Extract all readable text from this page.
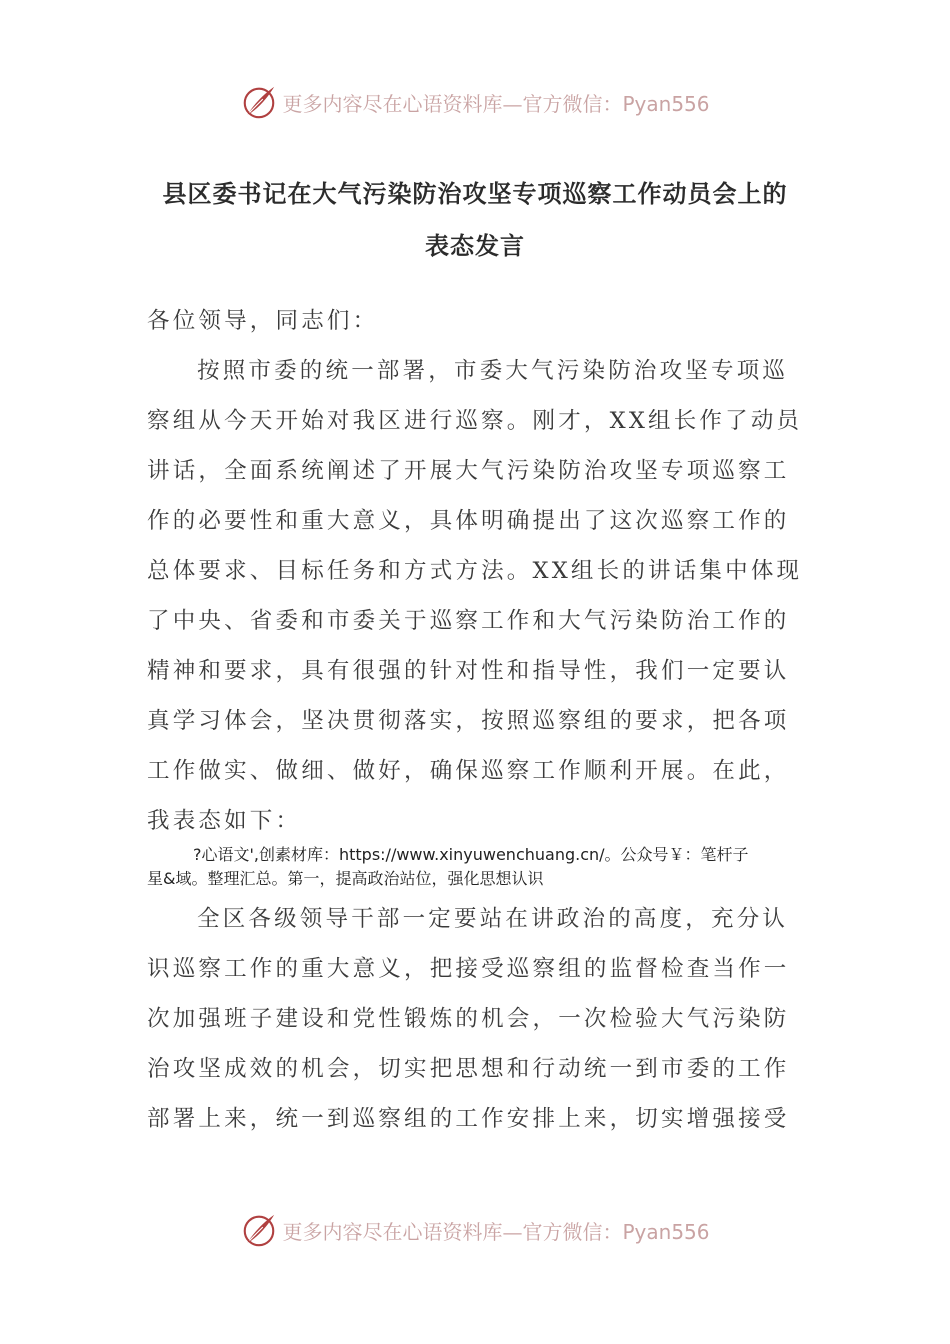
更多内容尽在心语资料库—官方微信：Pyan556
县区委书记在大气污染防治攻坚专项巡察工作动员会上的
表态发言
各位领导，同志们：
按照市委的统一部署，市委大气污染防治攻坚专项巡
察组从今天开始对我区进行巡察。刚才，XX组长作了动员
讲话，全面系统阐述了开展大气污染防治攻坚专项巡察工
作的必要性和重大意义，具体明确提出了这次巡察工作的
总体要求、目标任务和方式方法。XX组长的讲话集中体现
了中央、省委和市委关于巡察工作和大气污染防治工作的
精神和要求，具有很强的针对性和指导性，我们一定要认
真学习体会，坚决贯彻落实，按照巡察组的要求，把各项
工作做实、做细、做好，确保巡察工作顺利开展。在此，
我表态如下：
?心语文',创素材库：https://www.xinyuwenchuang.cn/。公众号￥：笔杆子
星&域。整理汇总。第一，提高政治站位，强化思想认识
全区各级领导干部一定要站在讲政治的高度，充分认
识巡察工作的重大意义，把接受巡察组的监督检查当作一
次加强班子建设和党性锻炼的机会，一次检验大气污染防
治攻坚成效的机会，切实把思想和行动统一到市委的工作
部署上来，统一到巡察组的工作安排上来，切实增强接受
更多内容尽在心语资料库—官方微信：Pyan556
